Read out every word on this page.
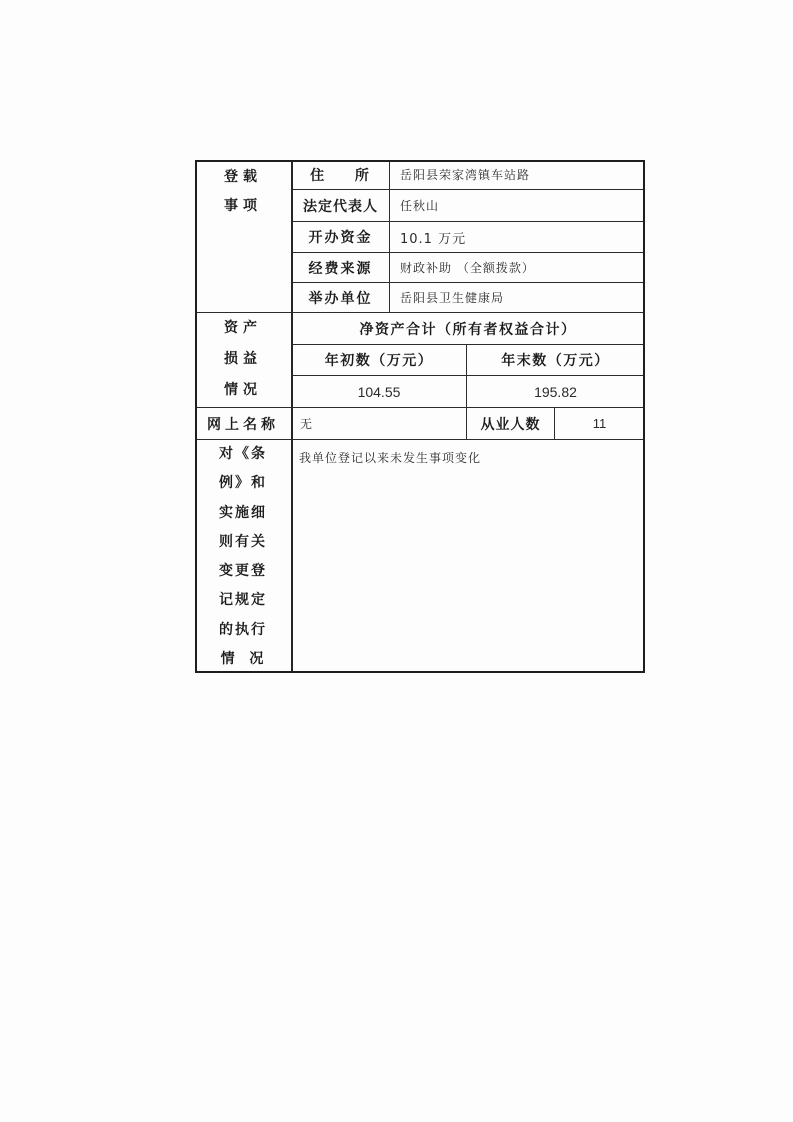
登载
事项
住 所	岳阳县荣家湾镇车站路
法定代表人	任秋山
开办资金	10.1 万元
经费来源	财政补助 （全额拨款）
举办单位	岳阳县卫生健康局
资产
损益
情况
净资产合计（所有者权益合计）
年初数（万元）	年末数（万元）
104.55	195.82
网上名称	无	从业人数	11
对《条
例》和
实施细
则有关
变更登
记规定
的执行
情 况
我单位登记以来未发生事项变化
